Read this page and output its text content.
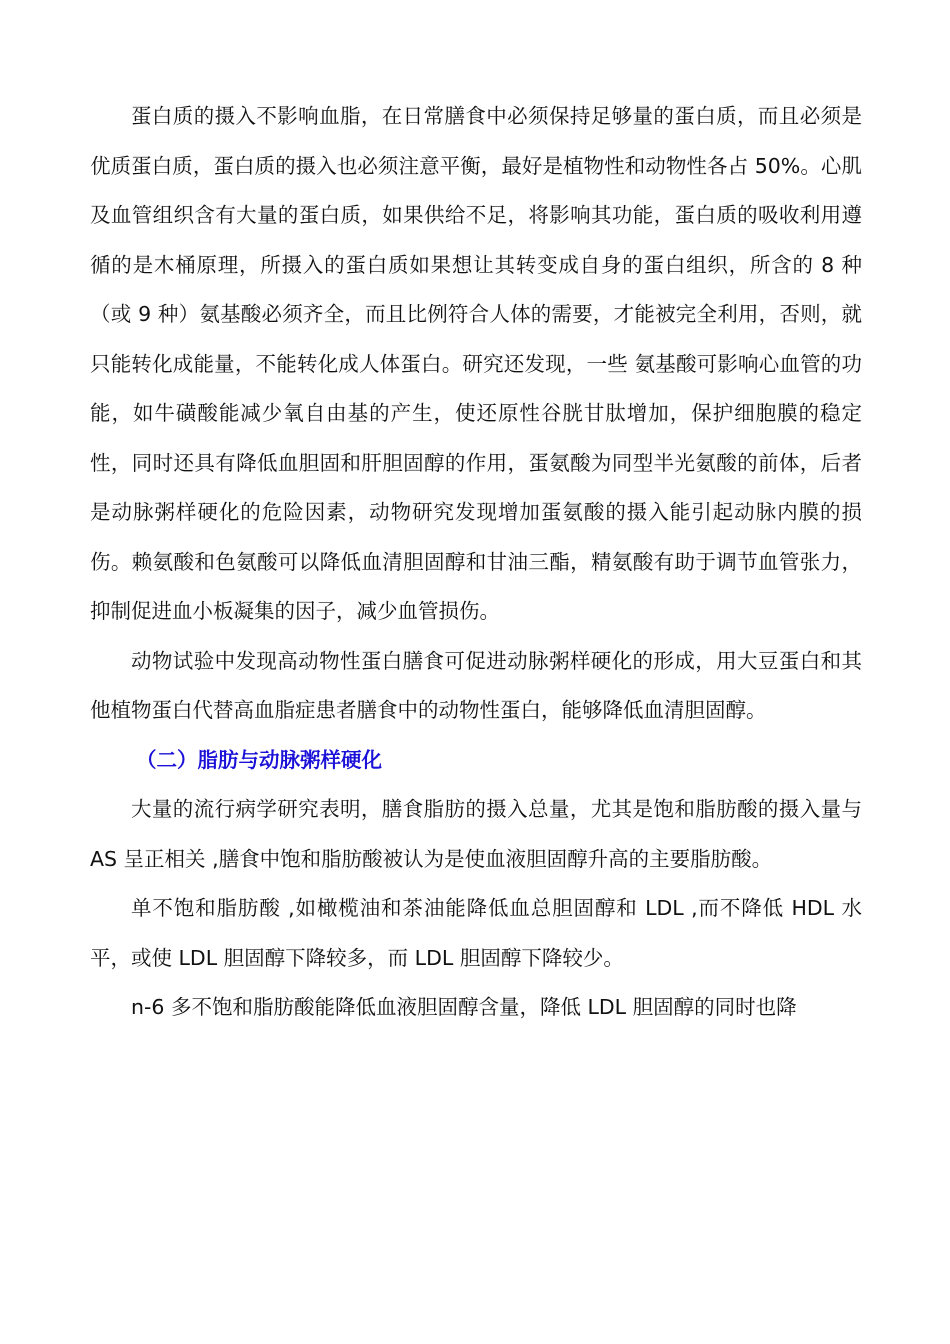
蛋白质的摄入不影响血脂，在日常膳食中必须保持足够量的蛋白质，而且必须是优质蛋白质，蛋白质的摄入也必须注意平衡，最好是植物性和动物性各占 50%。心肌及血管组织含有大量的蛋白质，如果供给不足，将影响其功能，蛋白质的吸收利用遵循的是木桶原理，所摄入的蛋白质如果想让其转变成自身的蛋白组织，所含的 8 种（或 9 种）氨基酸必须齐全，而且比例符合人体的需要，才能被完全利用，否则，就只能转化成能量，不能转化成人体蛋白。研究还发现，一些 氨基酸可影响心血管的功能，如牛磺酸能减少氧自由基的产生，使还原性谷胱甘肽增加，保护细胞膜的稳定性，同时还具有降低血胆固和肝胆固醇的作用，蛋氨酸为同型半光氨酸的前体，后者是动脉粥样硬化的危险因素，动物研究发现增加蛋氨酸的摄入能引起动脉内膜的损伤。赖氨酸和色氨酸可以降低血清胆固醇和甘油三酯，精氨酸有助于调节血管张力，抑制促进血小板凝集的因子，减少血管损伤。

动物试验中发现高动物性蛋白膳食可促进动脉粥样硬化的形成，用大豆蛋白和其他植物蛋白代替高血脂症患者膳食中的动物性蛋白，能够降低血清胆固醇。

（二）脂肪与动脉粥样硬化

大量的流行病学研究表明，膳食脂肪的摄入总量，尤其是饱和脂肪酸的摄入量与 AS 呈正相关 ,膳食中饱和脂肪酸被认为是使血液胆固醇升高的主要脂肪酸。

单不饱和脂肪酸 ,如橄榄油和茶油能降低血总胆固醇和 LDL ,而不降低 HDL 水平，或使 LDL 胆固醇下降较多，而 LDL 胆固醇下降较少。

n-6 多不饱和脂肪酸能降低血液胆固醇含量，降低 LDL 胆固醇的同时也降
